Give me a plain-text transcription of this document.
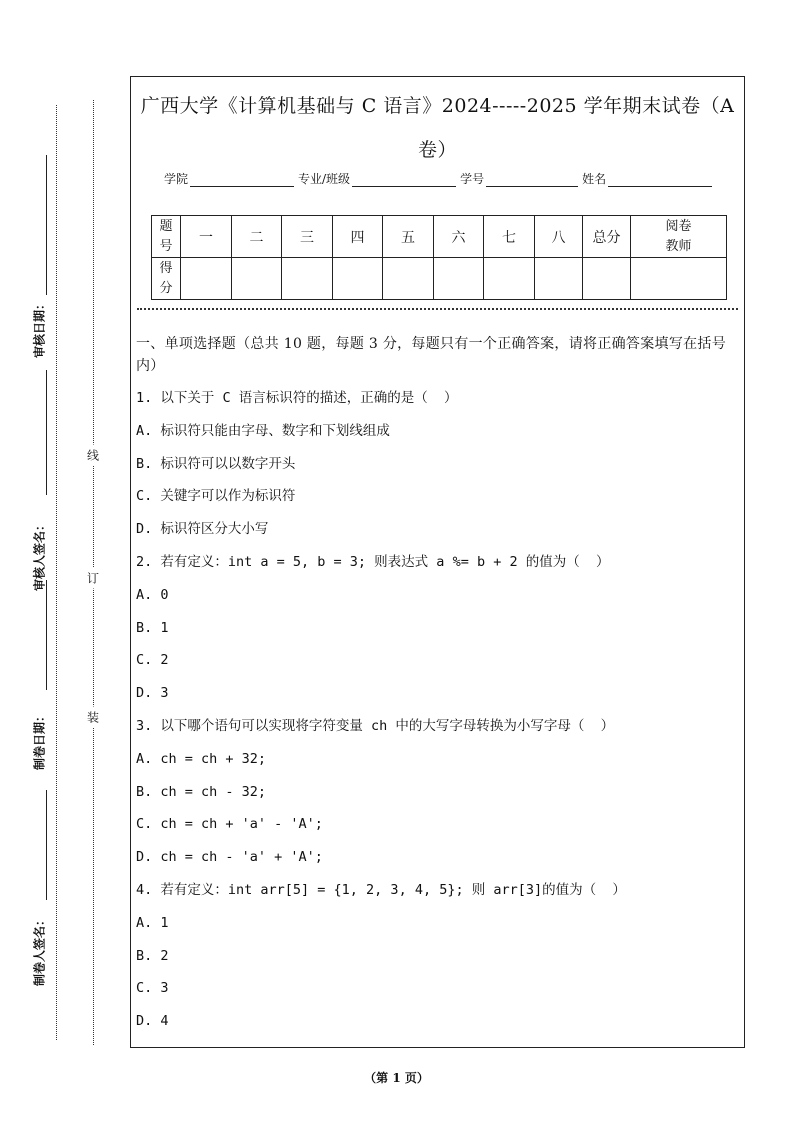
审核日期：
审核人签名：
制卷日期：
制卷人签名：
线
订
装
广西大学《计算机基础与 C 语言》2024-----2025 学年期末试卷（A
卷）
学院	专业/班级	学号	姓名
题号	一	二	三	四	五	六	七	八	总分	阅卷教师
得分										
一、单项选择题（总共 10 题，每题 3 分，每题只有一个正确答案，请将正确答案填写在括号内）
1. 以下关于 C 语言标识符的描述，正确的是（  ）
A. 标识符只能由字母、数字和下划线组成
B. 标识符可以以数字开头
C. 关键字可以作为标识符
D. 标识符区分大小写
2. 若有定义：int a = 5, b = 3; 则表达式 a %= b + 2 的值为（  ）
A. 0
B. 1
C. 2
D. 3
3. 以下哪个语句可以实现将字符变量 ch 中的大写字母转换为小写字母（  ）
A. ch = ch + 32;
B. ch = ch - 32;
C. ch = ch + 'a' - 'A';
D. ch = ch - 'a' + 'A';
4. 若有定义：int arr[5] = {1, 2, 3, 4, 5}; 则 arr[3]的值为（  ）
A. 1
B. 2
C. 3
D. 4
（第 1 页）
